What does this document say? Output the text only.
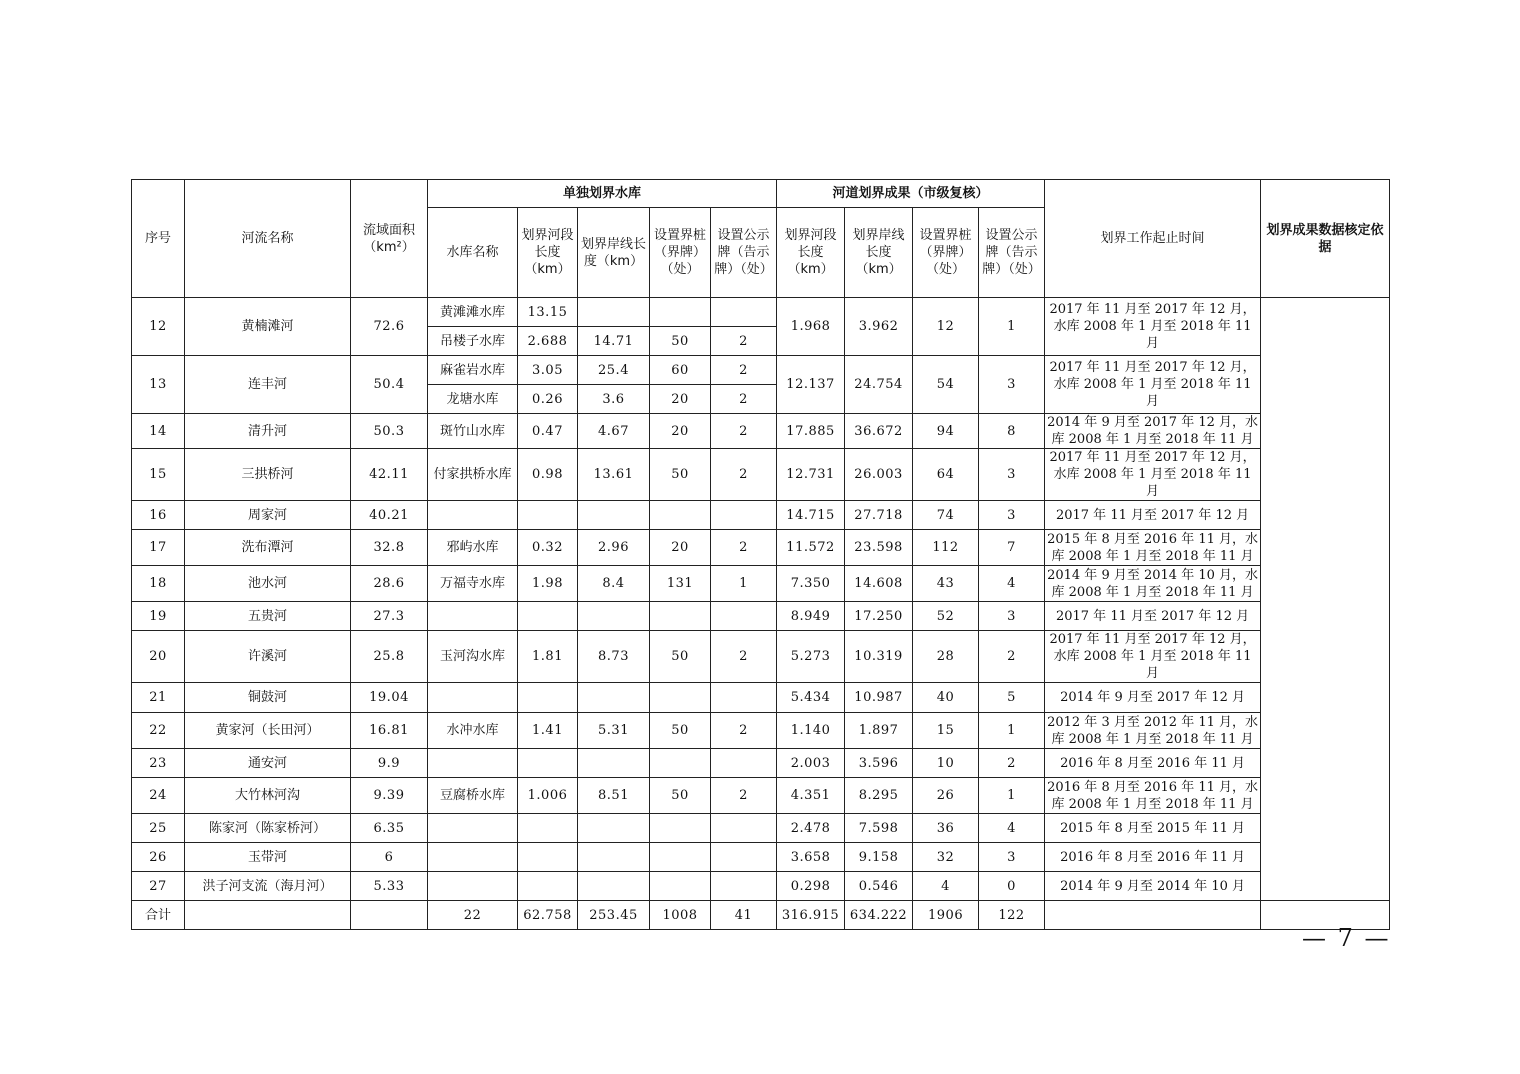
序号	河流名称	流域面积
（km²）	单独划界水库					河道划界成果（市级复核）				划界工作起止时间	划界成果数据核定依据
			水库名称	划界河段长度（km）	划界岸线长度（km）	设置界桩（界牌）（处）	设置公示牌（告示牌）（处）	划界河段长度（km）	划界岸线长度（km）	设置界桩（界牌）（处）	设置公示牌（告示牌）（处）		
12	黄楠滩河	72.6	黄滩滩水库	13.15				1.968	3.962	12	1	2017 年 11 月至 2017 年 12 月，水库 2008 年 1 月至 2018 年 11 月	
			吊楼子水库	2.688	14.71	50	2						
13	连丰河	50.4	麻雀岩水库	3.05	25.4	60	2	12.137	24.754	54	3	2017 年 11 月至 2017 年 12 月，水库 2008 年 1 月至 2018 年 11 月	
			龙塘水库	0.26	3.6	20	2						
14	清升河	50.3	斑竹山水库	0.47	4.67	20	2	17.885	36.672	94	8	2014 年 9 月至 2017 年 12 月，水库 2008 年 1 月至 2018 年 11 月	
15	三拱桥河	42.11	付家拱桥水库	0.98	13.61	50	2	12.731	26.003	64	3	2017 年 11 月至 2017 年 12 月，水库 2008 年 1 月至 2018 年 11 月	
16	周家河	40.21						14.715	27.718	74	3	2017 年 11 月至 2017 年 12 月	
17	洗布潭河	32.8	邪屿水库	0.32	2.96	20	2	11.572	23.598	112	7	2015 年 8 月至 2016 年 11 月，水库 2008 年 1 月至 2018 年 11 月	
18	池水河	28.6	万福寺水库	1.98	8.4	131	1	7.350	14.608	43	4	2014 年 9 月至 2014 年 10 月，水库 2008 年 1 月至 2018 年 11 月	
19	五贵河	27.3						8.949	17.250	52	3	2017 年 11 月至 2017 年 12 月	
20	许溪河	25.8	玉河沟水库	1.81	8.73	50	2	5.273	10.319	28	2	2017 年 11 月至 2017 年 12 月，水库 2008 年 1 月至 2018 年 11 月	
21	铜鼓河	19.04						5.434	10.987	40	5	2014 年 9 月至 2017 年 12 月	
22	黄家河（长田河）	16.81	水冲水库	1.41	5.31	50	2	1.140	1.897	15	1	2012 年 3 月至 2012 年 11 月，水库 2008 年 1 月至 2018 年 11 月	
23	通安河	9.9						2.003	3.596	10	2	2016 年 8 月至 2016 年 11 月	
24	大竹林河沟	9.39	豆腐桥水库	1.006	8.51	50	2	4.351	8.295	26	1	2016 年 8 月至 2016 年 11 月，水库 2008 年 1 月至 2018 年 11 月	
25	陈家河（陈家桥河）	6.35						2.478	7.598	36	4	2015 年 8 月至 2015 年 11 月	
26	玉带河	6						3.658	9.158	32	3	2016 年 8 月至 2016 年 11 月	
27	洪子河支流（海月河）	5.33						0.298	0.546	4	0	2014 年 9 月至 2014 年 10 月	
合计			22	62.758	253.45	1008	41	316.915	634.222	1906	122		
— 7 —
